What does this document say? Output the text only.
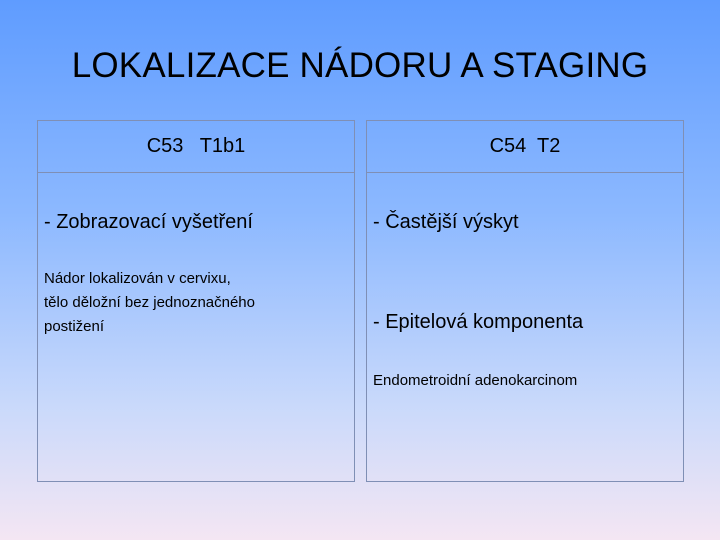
LOKALIZACE NÁDORU A STAGING
C53   T1b1
- Zobrazovací vyšetření
Nádor lokalizován v cervixu,
tělo děložní bez jednoznačného
postižení
C54  T2
- Častější výskyt
- Epitelová komponenta
Endometroidní adenokarcinom
